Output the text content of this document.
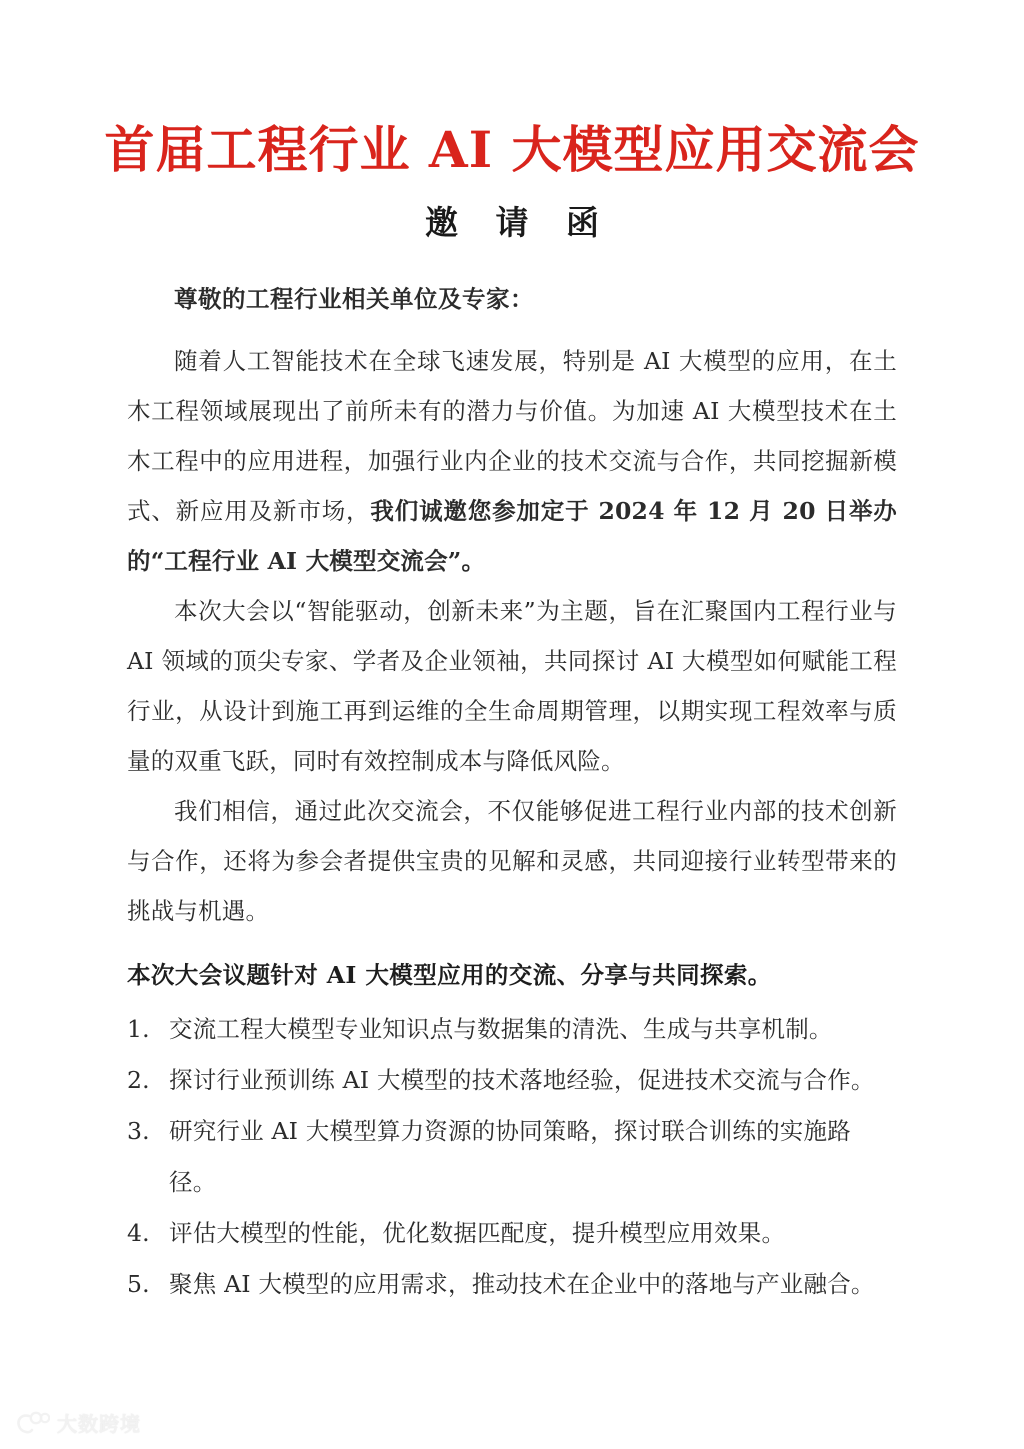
首届工程行业 AI 大模型应用交流会
邀 请 函

尊敬的工程行业相关单位及专家：

随着人工智能技术在全球飞速发展，特别是 AI 大模型的应用，在土木工程领域展现出了前所未有的潜力与价值。为加速 AI 大模型技术在土木工程中的应用进程，加强行业内企业的技术交流与合作，共同挖掘新模式、新应用及新市场，我们诚邀您参加定于 2024 年 12 月 20 日举办的“工程行业 AI 大模型交流会”。

本次大会以“智能驱动，创新未来”为主题，旨在汇聚国内工程行业与 AI 领域的顶尖专家、学者及企业领袖，共同探讨 AI 大模型如何赋能工程行业，从设计到施工再到运维的全生命周期管理，以期实现工程效率与质量的双重飞跃，同时有效控制成本与降低风险。

我们相信，通过此次交流会，不仅能够促进工程行业内部的技术创新与合作，还将为参会者提供宝贵的见解和灵感，共同迎接行业转型带来的挑战与机遇。

本次大会议题针对 AI 大模型应用的交流、分享与共同探索。

1. 交流工程大模型专业知识点与数据集的清洗、生成与共享机制。
2. 探讨行业预训练 AI 大模型的技术落地经验，促进技术交流与合作。
3. 研究行业 AI 大模型算力资源的协同策略，探讨联合训练的实施路径。
4. 评估大模型的性能，优化数据匹配度，提升模型应用效果。
5. 聚焦 AI 大模型的应用需求，推动技术在企业中的落地与产业融合。
大数跨境
